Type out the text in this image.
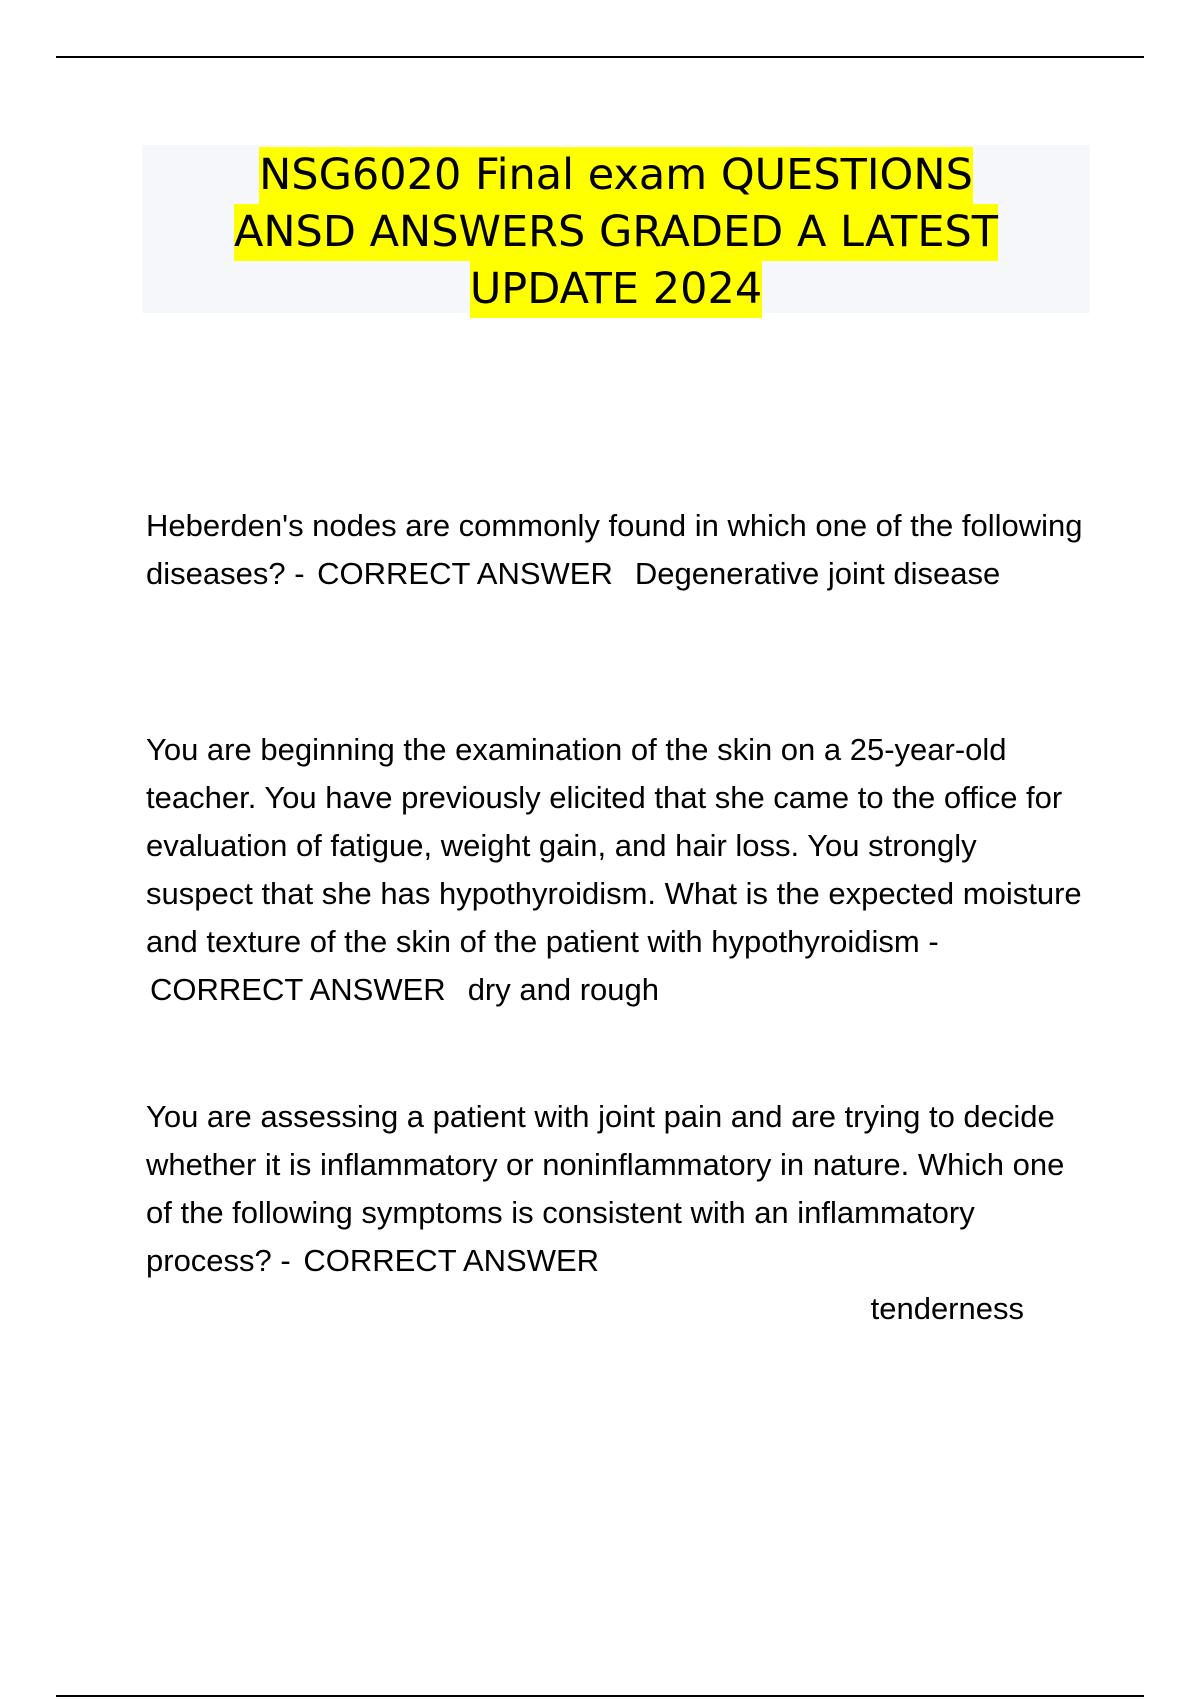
NSG6020 Final exam QUESTIONS
ANSD ANSWERS GRADED A LATEST
UPDATE 2024

Heberden's nodes are commonly found in which one of the following diseases? - CORRECT ANSWER Degenerative joint disease

You are beginning the examination of the skin on a 25-year-old teacher. You have previously elicited that she came to the office for evaluation of fatigue, weight gain, and hair loss. You strongly suspect that she has hypothyroidism. What is the expected moisture and texture of the skin of the patient with hypothyroidism - CORRECT ANSWER dry and rough

You are assessing a patient with joint pain and are trying to decide whether it is inflammatory or noninflammatory in nature. Which one of the following symptoms is consistent with an inflammatory process? - CORRECT ANSWER
tenderness
